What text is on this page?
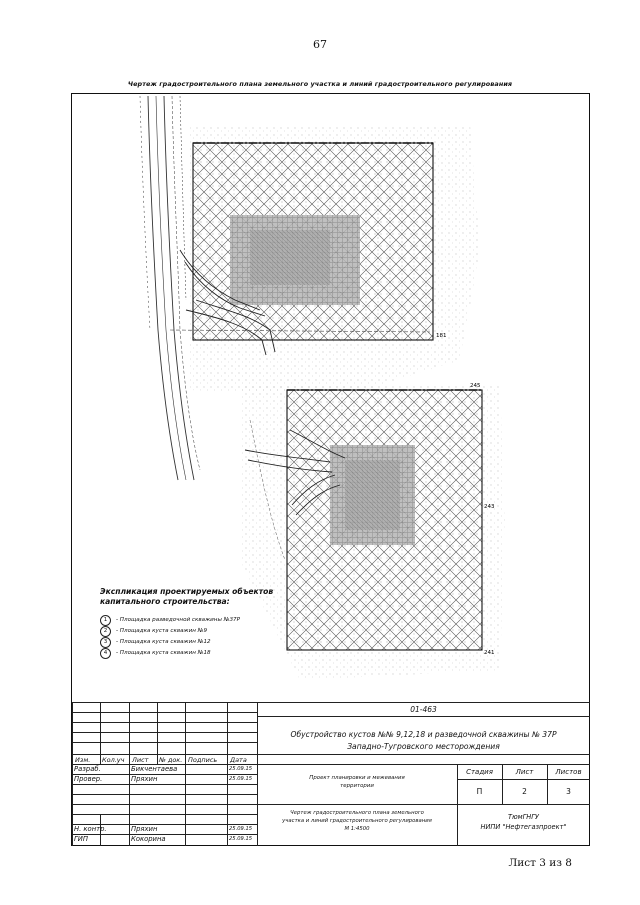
67
Чертеж градостроительного плана земельного участка и линий градостроительного регулирования
181
245
243
241
Экспликация проектируемых объектов
капитального строительства:
1	- Площадка разведочной скважины №37Р
2	- Площадка куста скважин №9
3	- Площадка куста скважин №12
4	- Площадка куста скважин №18
Изм. Кол.уч Лист № док. Подпись Дата
Разраб.	Бикчентаева	25.09.15
Провер.	Пряхин	25.09.15
Н. контр.	Пряхин	25.09.15
ГИП	Кокорина	25.09.15
01-463
Обустройство кустов №№ 9,12,18 и разведочной скважины № 37Р
Западно-Тугровского месторождения
Проект планировки и межевания
территории
Стадия	Лист	Листов
П	2	3
Чертеж градостроительного плана земельного
участка и линий градостроительного регулирования
М 1:4500
ТюмГНГУ
НИПИ "Нефтегазпроект"
Лист 3 из 8
